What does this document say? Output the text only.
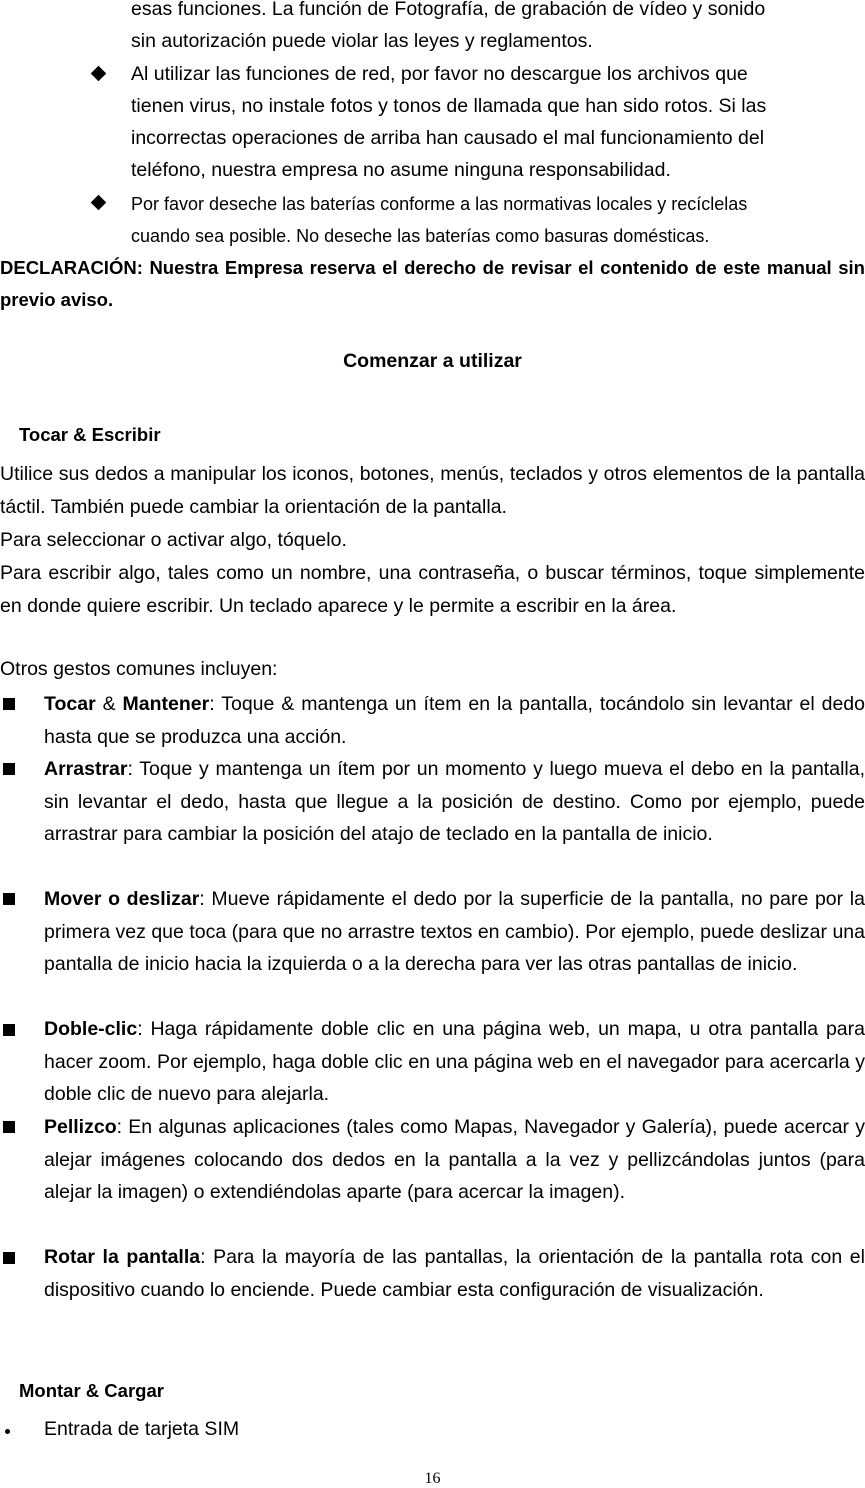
esas funciones. La función de Fotografía, de grabación de vídeo y sonido
sin autorización puede violar las leyes y reglamentos.
Al utilizar las funciones de red, por favor no descargue los archivos que
tienen virus, no instale fotos y tonos de llamada que han sido rotos. Si las
incorrectas operaciones de arriba han causado el mal funcionamiento del
teléfono, nuestra empresa no asume ninguna responsabilidad.
Por favor deseche las baterías conforme a las normativas locales y recíclelas
cuando sea posible. No deseche las baterías como basuras domésticas.
DECLARACIÓN: Nuestra Empresa reserva el derecho de revisar el contenido de este manual sin previo aviso.
Comenzar a utilizar
Tocar & Escribir
Utilice sus dedos a manipular los iconos, botones, menús, teclados y otros elementos de la pantalla táctil. También puede cambiar la orientación de la pantalla.
Para seleccionar o activar algo, tóquelo.
Para escribir algo, tales como un nombre, una contraseña, o buscar términos, toque simplemente en donde quiere escribir. Un teclado aparece y le permite a escribir en la área.
Otros gestos comunes incluyen:
Tocar & Mantener: Toque & mantenga un ítem en la pantalla, tocándolo sin levantar el dedo hasta que se produzca una acción.
Arrastrar: Toque y mantenga un ítem por un momento y luego mueva el debo en la pantalla, sin levantar el dedo, hasta que llegue a la posición de destino. Como por ejemplo, puede arrastrar para cambiar la posición del atajo de teclado en la pantalla de inicio.
Mover o deslizar: Mueve rápidamente el dedo por la superficie de la pantalla, no pare por la primera vez que toca (para que no arrastre textos en cambio). Por ejemplo, puede deslizar una pantalla de inicio hacia la izquierda o a la derecha para ver las otras pantallas de inicio.
Doble-clic: Haga rápidamente doble clic en una página web, un mapa, u otra pantalla para hacer zoom. Por ejemplo, haga doble clic en una página web en el navegador para acercarla y doble clic de nuevo para alejarla.
Pellizco: En algunas aplicaciones (tales como Mapas, Navegador y Galería), puede acercar y alejar imágenes colocando dos dedos en la pantalla a la vez y pellizcándolas juntos (para alejar la imagen) o extendiéndolas aparte (para acercar la imagen).
Rotar la pantalla: Para la mayoría de las pantallas, la orientación de la pantalla rota con el dispositivo cuando lo enciende. Puede cambiar esta configuración de visualización.
Montar & Cargar
Entrada de tarjeta SIM
16
